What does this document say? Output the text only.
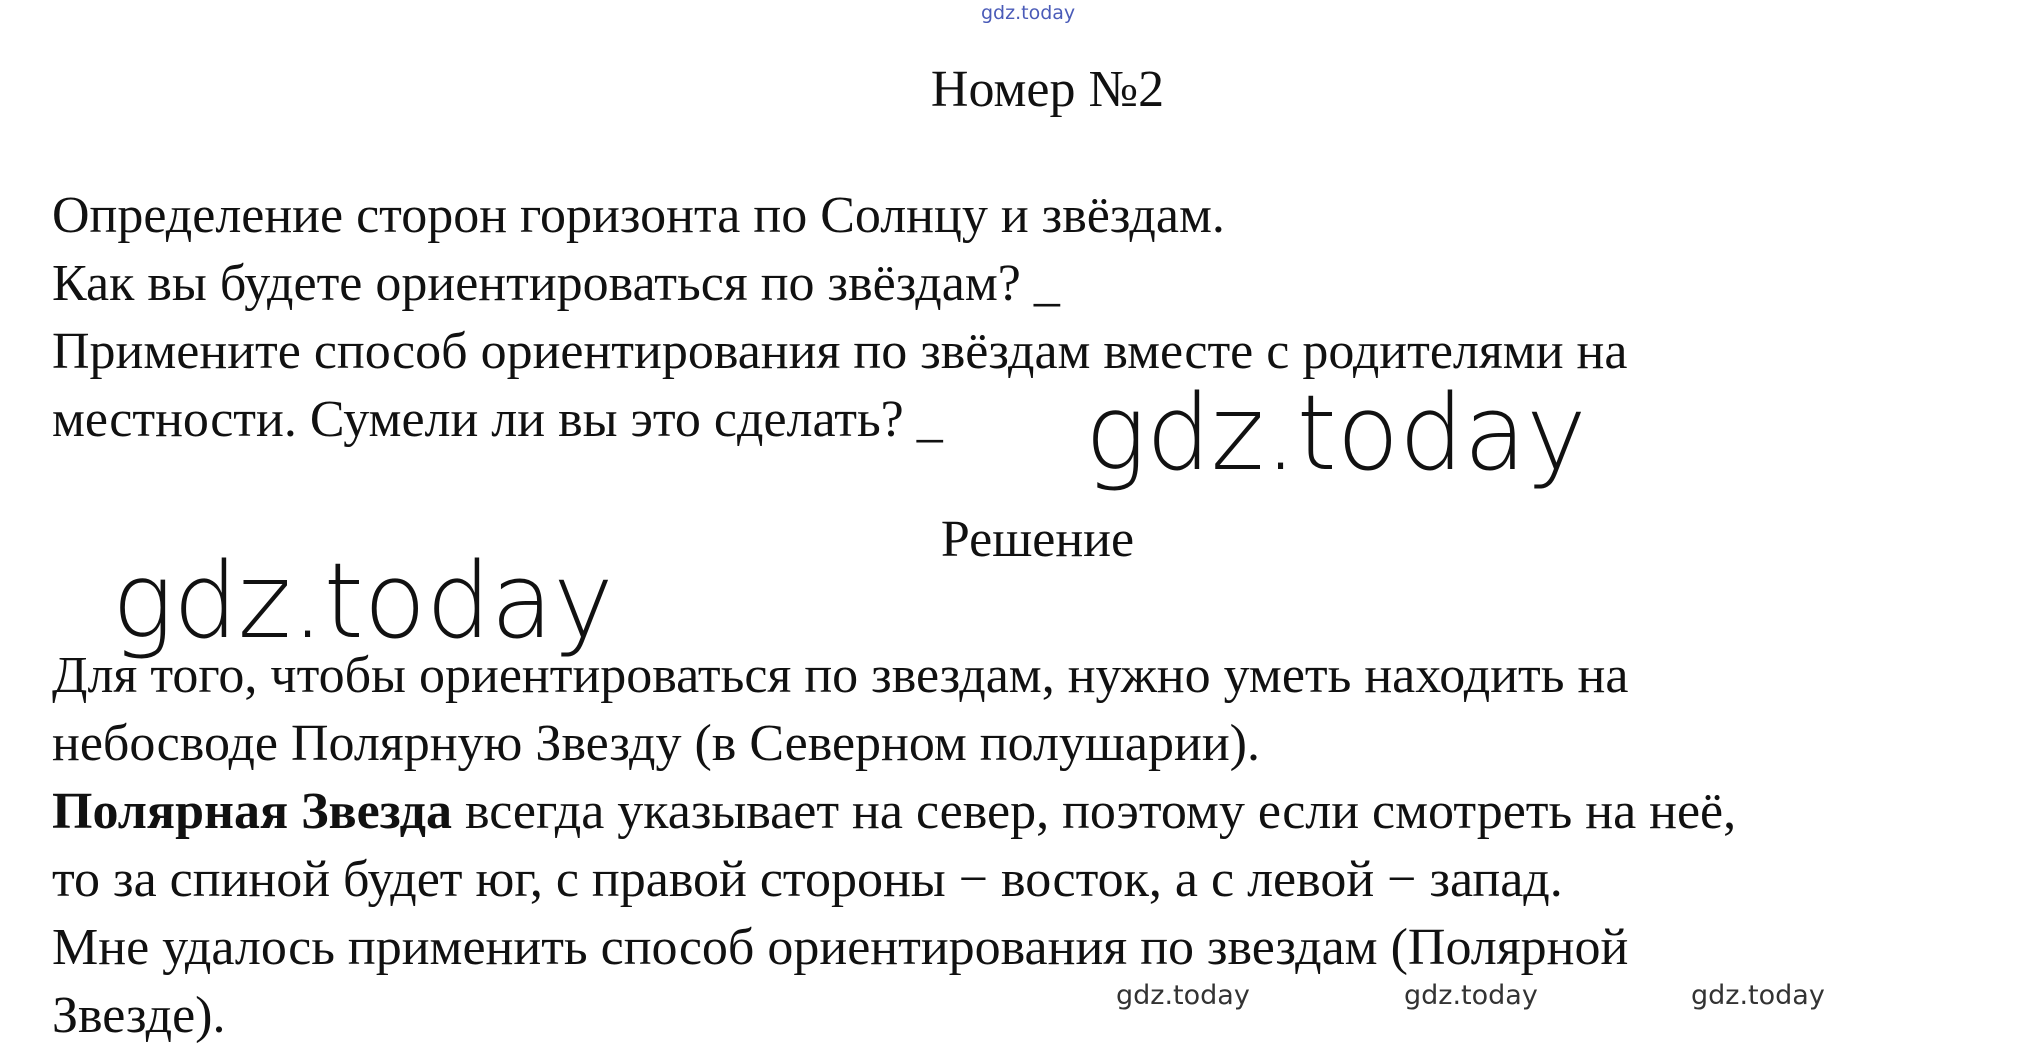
gdz.today
Номер №2
Определение сторон горизонта по Солнцу и звёздам.
Как вы будете ориентироваться по звёздам? _
Примените способ ориентирования по звёздам вместе с родителями на
местности. Сумели ли вы это сделать? _	gdz.today
Решение
gdz.today
Для того, чтобы ориентироваться по звездам, нужно уметь находить на
небосводе Полярную Звезду (в Северном полушарии).
Полярная Звезда всегда указывает на север, поэтому если смотреть на неё,
то за спиной будет юг, с правой стороны − восток, а с левой − запад.
Мне удалось применить способ ориентирования по звездам (Полярной
Звезде).	gdz.today	gdz.today	gdz.today
